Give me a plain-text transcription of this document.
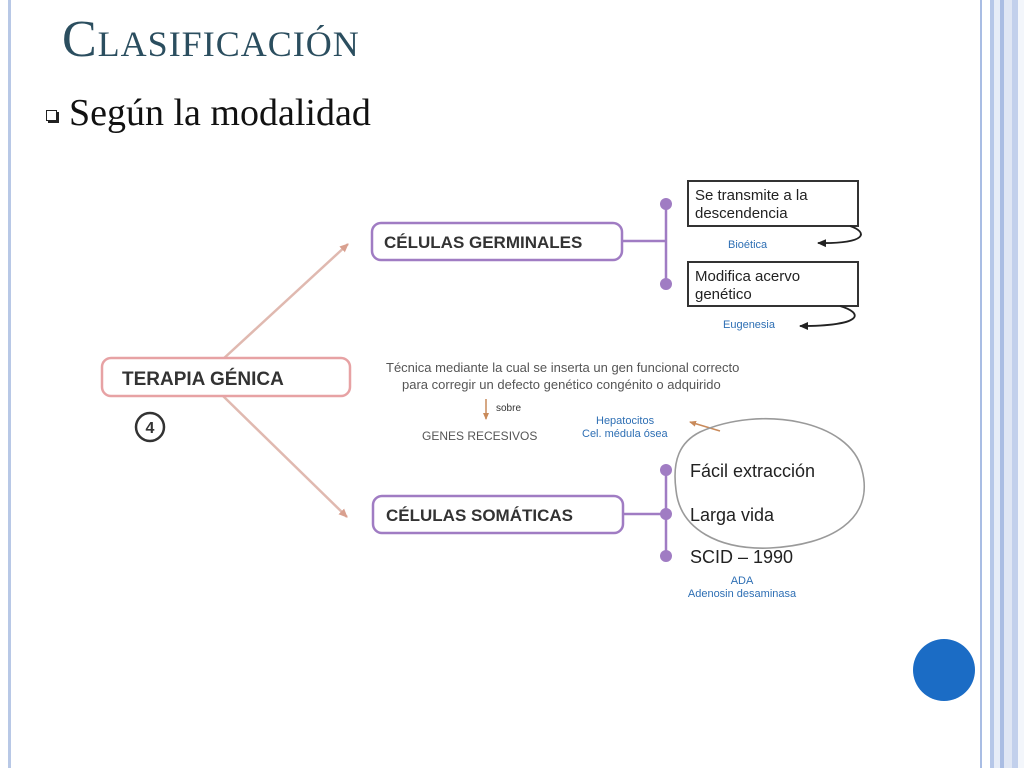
Clasificación
Según la modalidad
TERAPIA GÉNICA
4
CÉLULAS GERMINALES
Se transmite a la
descendencia
Bioética
Modifica acervo
genético
Eugenesia
Técnica mediante la cual se inserta un gen funcional correcto
para corregir un defecto genético congénito o adquirido
sobre
GENES RECESIVOS
Hepatocitos
Cel. médula ósea
CÉLULAS SOMÁTICAS
Fácil extracción
Larga vida
SCID – 1990
ADA
Adenosin desaminasa
